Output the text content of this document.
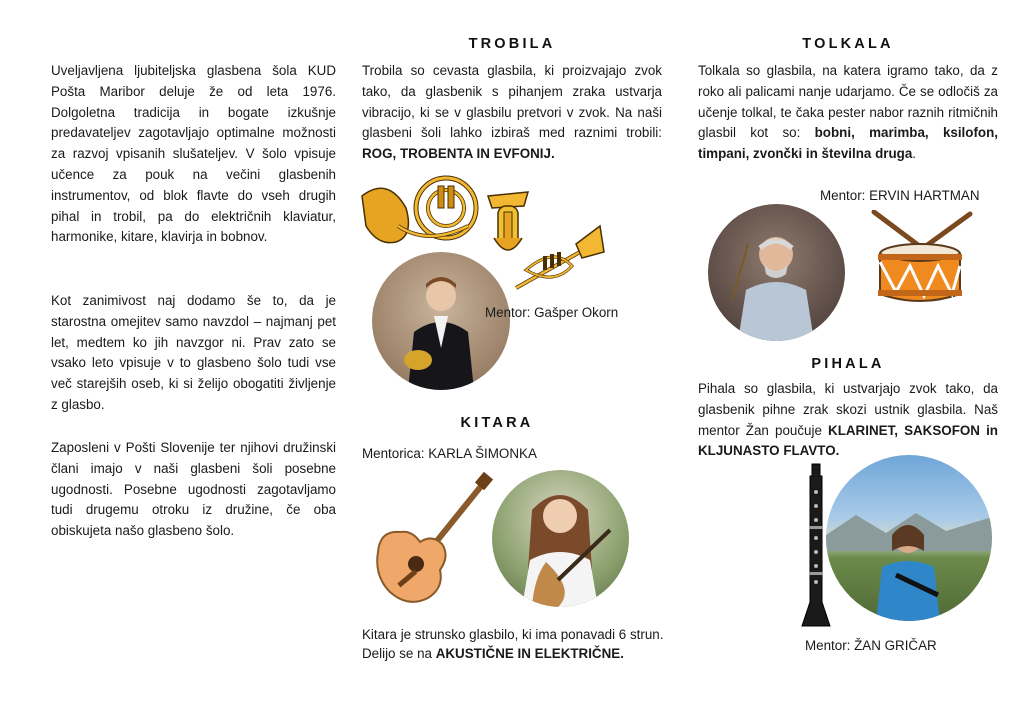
Uveljavljena ljubiteljska glasbena šola KUD Pošta Maribor deluje že od leta 1976. Dolgoletna tradicija in bogate izkušnje predavateljev zagotavljajo optimalne možnosti za razvoj vpisanih slušateljev. V šolo vpisuje učence za pouk na večini glasbenih instrumentov, od blok flavte do vseh drugih pihal in trobil, pa do električnih klaviatur, harmonike, kitare, klavirja in bobnov.
Kot zanimivost naj dodamo še to, da je starostna omejitev samo navzdol – najmanj pet let, medtem ko jih navzgor ni. Prav zato se vsako leto vpisuje v to glasbeno šolo tudi vse več starejših oseb, ki si želijo obogatiti življenje z glasbo.
Zaposleni v Pošti Slovenije ter njihovi družinski člani imajo v naši glasbeni šoli posebne ugodnosti. Posebne ugodnosti zagotavljamo tudi drugemu otroku iz družine, če oba obiskujeta našo glasbeno šolo.
TROBILA
Trobila so cevasta glasbila, ki proizvajajo zvok tako, da glasbenik s pihanjem zraka ustvarja vibracijo, ki se v glasbilu pretvori v zvok. Na naši glasbeni šoli lahko izbiraš med raznimi trobili: ROG, TROBENTA IN EVFONIJ.
Mentor: Gašper Okorn
KITARA
Mentorica: KARLA ŠIMONKA
Kitara je strunsko glasbilo, ki ima ponavadi 6 strun. Delijo se na AKUSTIČNE IN ELEKTRIČNE.
TOLKALA
Tolkala so glasbila, na katera igramo tako, da z roko ali palicami nanje udarjamo. Če se odločiš za učenje tolkal, te čaka pester nabor raznih ritmičnih glasbil kot so: bobni, marimba, ksilofon, timpani, zvončki in številna druga.
Mentor: ERVIN HARTMAN
PIHALA
Pihala so glasbila, ki ustvarjajo zvok tako, da glasbenik pihne zrak skozi ustnik glasbila. Naš mentor Žan poučuje KLARINET, SAKSOFON in KLJUNASTO FLAVTO.
Mentor: ŽAN GRIČAR
